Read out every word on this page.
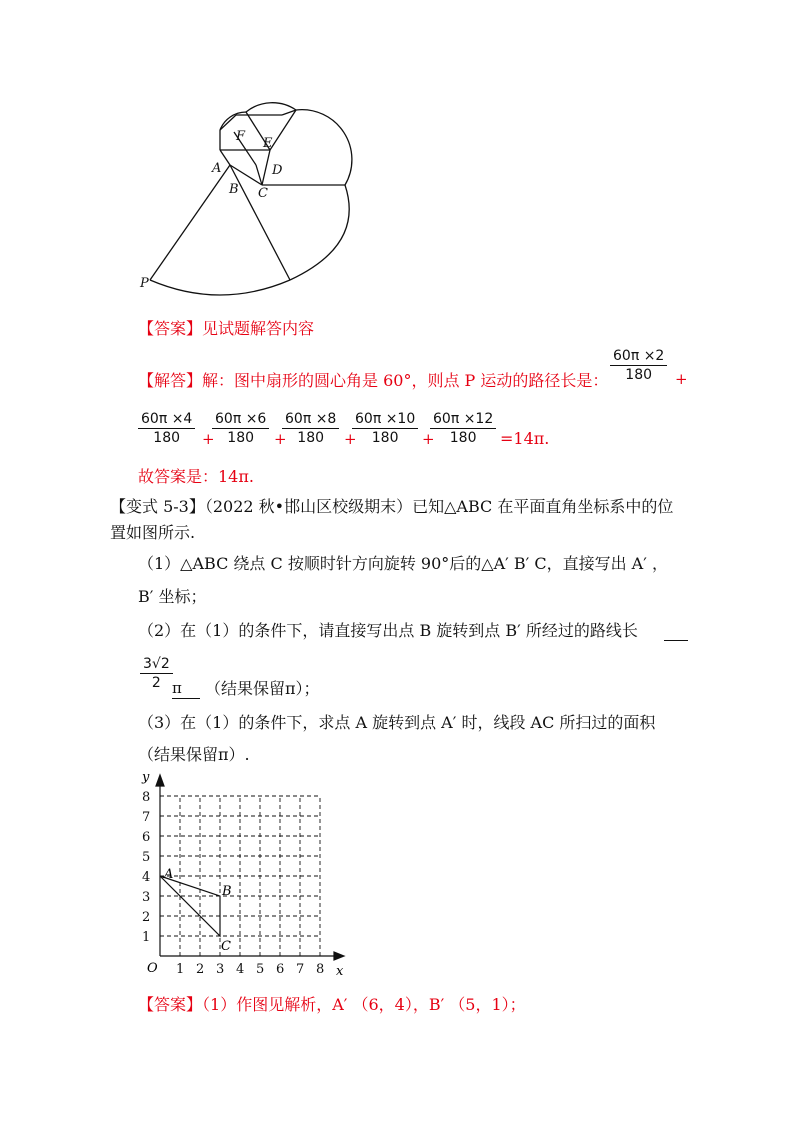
F E
D
A
B C
P
【答案】见试题解答内容
【解答】解：图中扇形的圆心角是 60°，则点 P 运动的路径长是： $\frac{60\pi \times 2}{180}$ +
$\frac{60\pi \times 4}{180}$ +
$\frac{60\pi \times 6}{180}$ +
$\frac{60\pi \times 8}{180}$ +
$\frac{60\pi \times 10}{180}$ +
$\frac{60\pi \times 12}{180} =14\pi$.
故答案是：14π.
【变式 5-3】（2022 秋•邯山区校级期末）已知△ABC 在平面直角坐标系中的位
置如图所示.
（1）△ABC 绕点 C 按顺时针方向旋转 90°后的△A′ B′ C，直接写出 A′ ，
B′ 坐标；
（2）在（1）的条件下，请直接写出点 B 旋转到点 B′ 所经过的路线长
$\frac{3√2}{2}$ π	（结果保留π）；
（3）在（1）的条件下，求点 A 旋转到点 A′ 时，线段 AC 所扫过的面积
（结果保留π）.
1 2 3 4 5 6 7 8
1
2
3
4
5
6
7
8
x
y
O
A
B
C
【答案】（1）作图见解析，A′ （6，4），B′ （5，1）；
